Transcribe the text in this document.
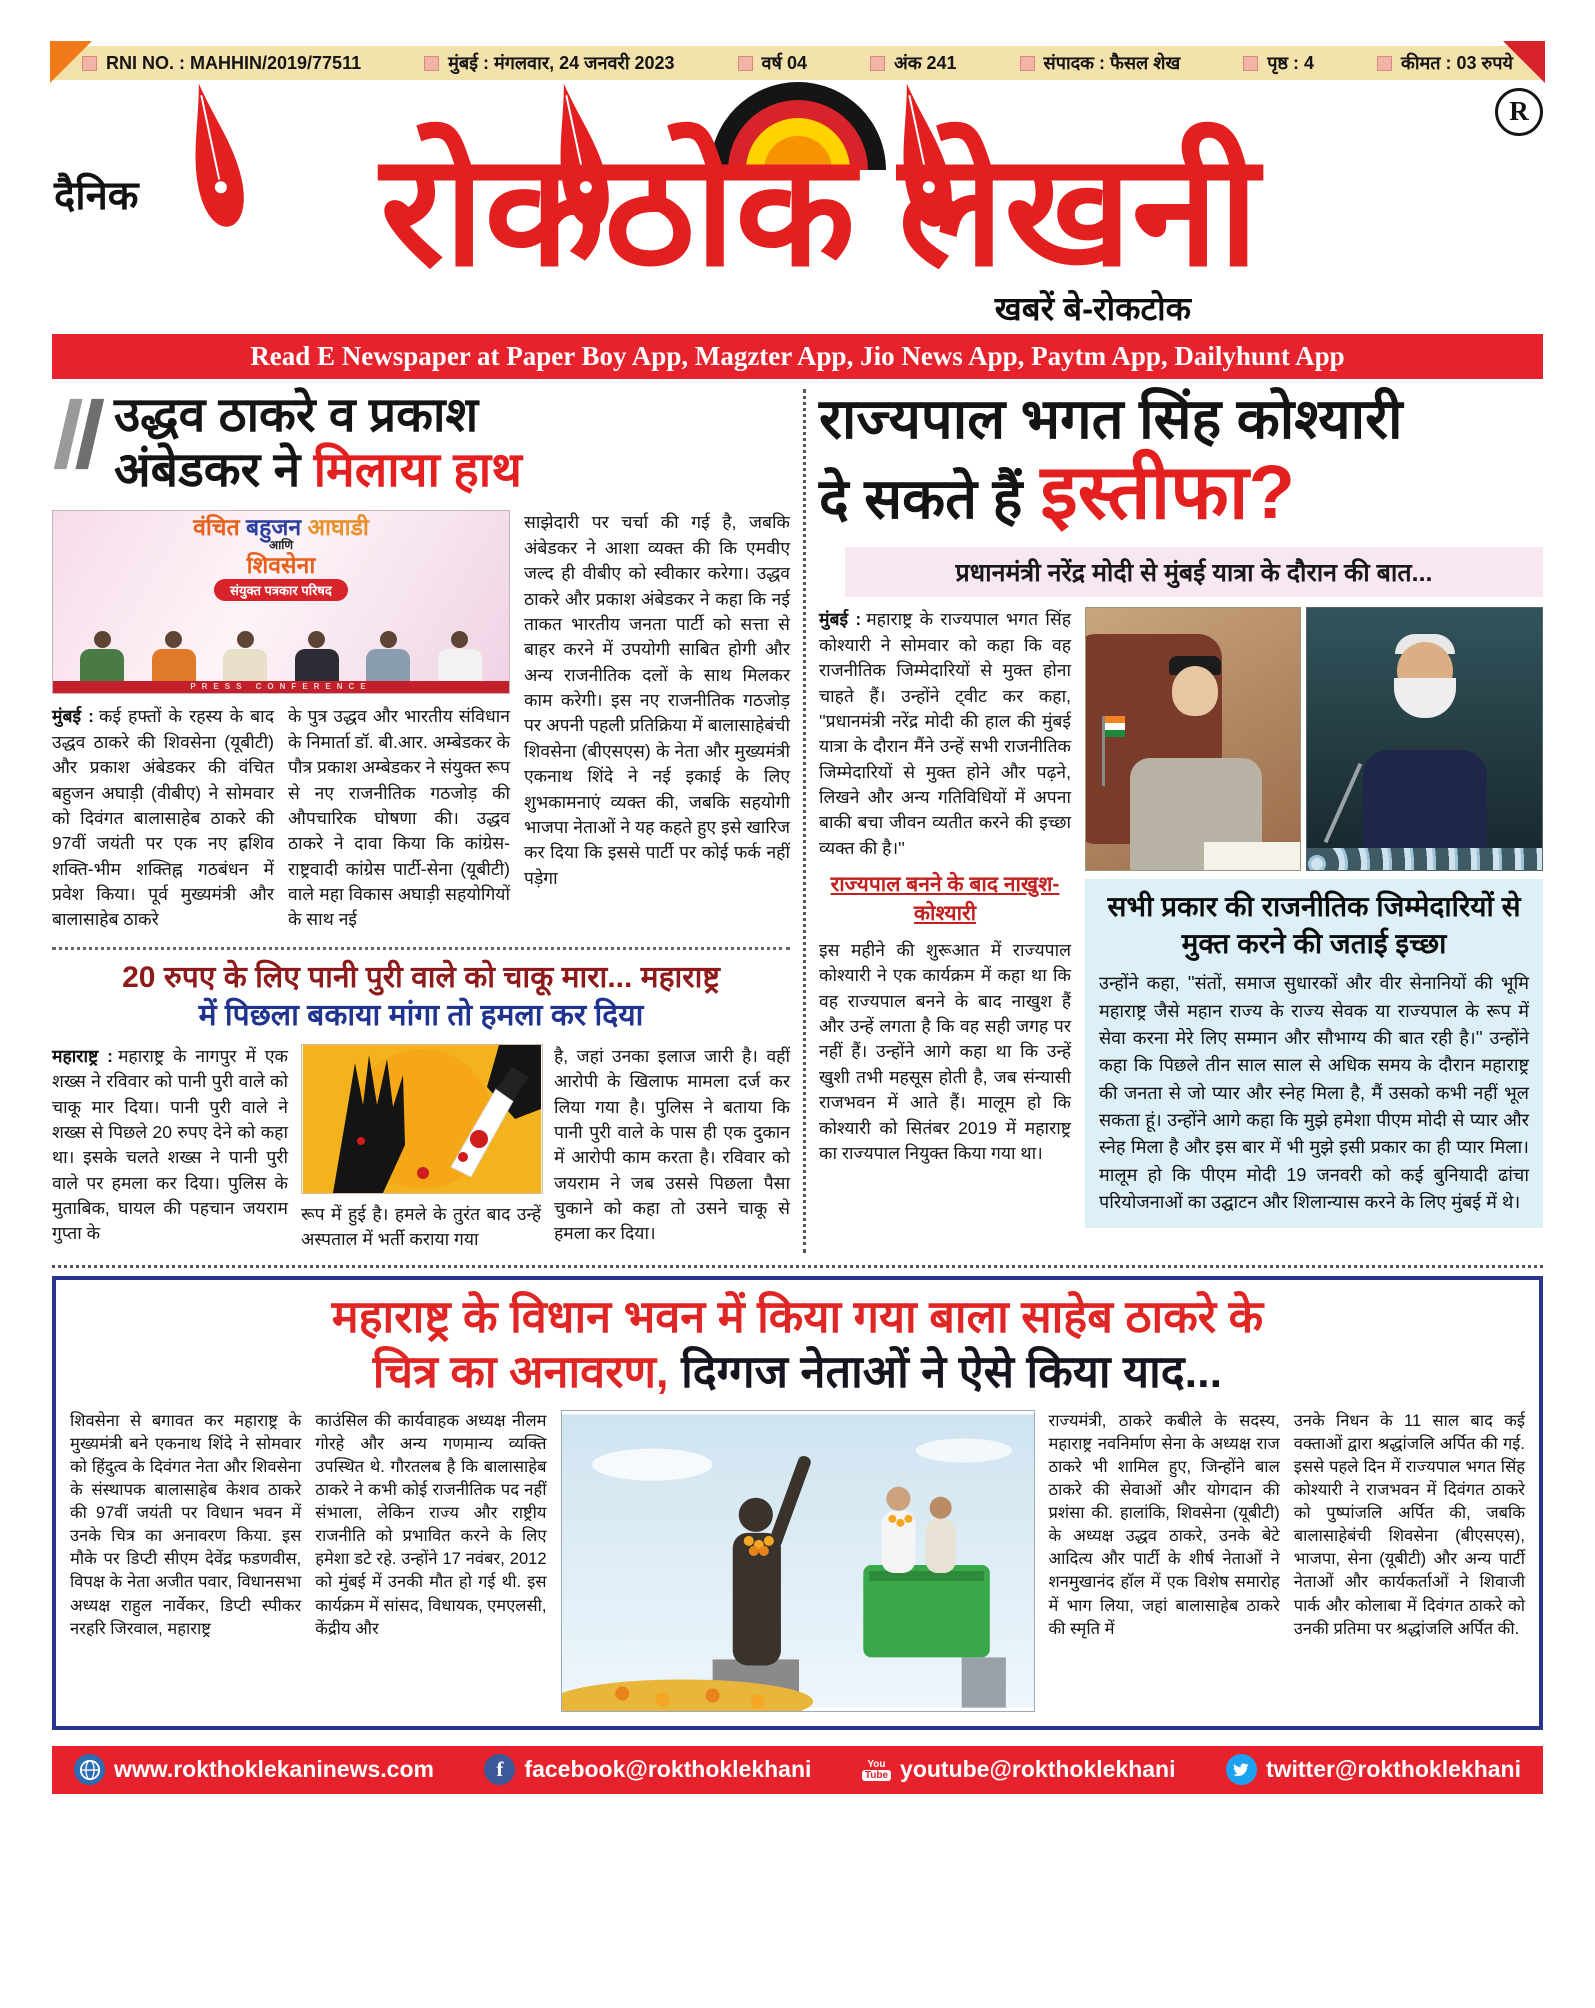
RNI NO. : MAHHIN/2019/77511	मुंबई : मंगलवार, 24 जनवरी 2023	वर्ष 04	अंक 241	संपादक : फैसल शेख	पृष्ठ : 4	कीमत : 03 रुपये
दैनिक	रोकठोक लेखनी
R
खबरें बे-रोकटोक
Read E Newspaper at Paper Boy App, Magzter App, Jio News App, Paytm App, Dailyhunt App
उद्धव ठाकरे व प्रकाश
अंबेडकर ने मिलाया हाथ
वंचित बहुजन आघाडी
आणि
शिवसेना
संयुक्त पत्रकार परिषद
PRESS CONFERENCE

मुंबई : कई हफ्तों के रहस्य के बाद उद्धव ठाकरे की शिवसेना (यूबीटी) और प्रकाश अंबेडकर की वंचित बहुजन अघाड़ी (वीबीए) ने सोमवार को दिवंगत बालासाहेब ठाकरे की 97वीं जयंती पर एक नए ह्रशिव शक्ति-भीम शक्तिह्न गठबंधन में प्रवेश किया। पूर्व मुख्यमंत्री और बालासाहेब ठाकरे

के पुत्र उद्धव और भारतीय संविधान के निमार्ता डॉ. बी.आर. अम्बेडकर के पौत्र प्रकाश अम्बेडकर ने संयुक्त रूप से नए राजनीतिक गठजोड़ की औपचारिक घोषणा की। उद्धव ठाकरे ने दावा किया कि कांग्रेस-राष्ट्रवादी कांग्रेस पार्टी-सेना (यूबीटी) वाले महा विकास अघाड़ी सहयोगियों के साथ नई

साझेदारी पर चर्चा की गई है, जबकि अंबेडकर ने आशा व्यक्त की कि एमवीए जल्द ही वीबीए को स्वीकार करेगा। उद्धव ठाकरे और प्रकाश अंबेडकर ने कहा कि नई ताकत भारतीय जनता पार्टी को सत्ता से बाहर करने में उपयोगी साबित होगी और अन्य राजनीतिक दलों के साथ मिलकर काम करेगी। इस नए राजनीतिक गठजोड़ पर अपनी पहली प्रतिक्रिया में बालासाहेबंची शिवसेना (बीएसएस) के नेता और मुख्यमंत्री एकनाथ शिंदे ने नई इकाई के लिए शुभकामनाएं व्यक्त की, जबकि सहयोगी भाजपा नेताओं ने यह कहते हुए इसे खारिज कर दिया कि इससे पार्टी पर कोई फर्क नहीं पड़ेगा

20 रुपए के लिए पानी पुरी वाले को चाकू मारा... महाराष्ट्र
में पिछला बकाया मांगा तो हमला कर दिया

महाराष्ट्र : महाराष्ट्र के नागपुर में एक शख्स ने रविवार को पानी पुरी वाले को चाकू मार दिया। पानी पुरी वाले ने शख्स से पिछले 20 रुपए देने को कहा था। इसके चलते शख्स ने पानी पुरी वाले पर हमला कर दिया। पुलिस के मुताबिक, घायल की पहचान जयराम गुप्ता के

रूप में हुई है। हमले के तुरंत बाद उन्हें अस्पताल में भर्ती कराया गया

है, जहां उनका इलाज जारी है। वहीं आरोपी के खिलाफ मामला दर्ज कर लिया गया है। पुलिस ने बताया कि पानी पुरी वाले के पास ही एक दुकान में आरोपी काम करता है। रविवार को जयराम ने जब उससे पिछला पैसा चुकाने को कहा तो उसने चाकू से हमला कर दिया।

राज्यपाल भगत सिंह कोश्यारी
दे सकते हैं इस्तीफा?
प्रधानमंत्री नरेंद्र मोदी से मुंबई यात्रा के दौरान की बात...

मुंबई : महाराष्ट्र के राज्यपाल भगत सिंह कोश्यारी ने सोमवार को कहा कि वह राजनीतिक जिम्मेदारियों से मुक्त होना चाहते हैं। उन्होंने ट्वीट कर कहा, ''प्रधानमंत्री नरेंद्र मोदी की हाल की मुंबई यात्रा के दौरान मैंने उन्हें सभी राजनीतिक जिम्मेदारियों से मुक्त होने और पढ़ने, लिखने और अन्य गतिविधियों में अपना बाकी बचा जीवन व्यतीत करने की इच्छा व्यक्त की है।''

राज्यपाल बनने के बाद नाखुश- कोश्यारी

इस महीने की शुरूआत में राज्यपाल कोश्यारी ने एक कार्यक्रम में कहा था कि वह राज्यपाल बनने के बाद नाखुश हैं और उन्हें लगता है कि वह सही जगह पर नहीं हैं। उन्होंने आगे कहा था कि उन्हें खुशी तभी महसूस होती है, जब संन्यासी राजभवन में आते हैं। मालूम हो कि कोश्यारी को सितंबर 2019 में महाराष्ट्र का राज्यपाल नियुक्त किया गया था।

सभी प्रकार की राजनीतिक जिम्मेदारियों से मुक्त करने की जताई इच्छा

उन्होंने कहा, ''संतों, समाज सुधारकों और वीर सेनानियों की भूमि महाराष्ट्र जैसे महान राज्य के राज्य सेवक या राज्यपाल के रूप में सेवा करना मेरे लिए सम्मान और सौभाग्य की बात रही है।'' उन्होंने कहा कि पिछले तीन साल साल से अधिक समय के दौरान महाराष्ट्र की जनता से जो प्यार और स्नेह मिला है, मैं उसको कभी नहीं भूल सकता हूं। उन्होंने आगे कहा कि मुझे हमेशा पीएम मोदी से प्यार और स्नेह मिला है और इस बार में भी मुझे इसी प्रकार का ही प्यार मिला। मालूम हो कि पीएम मोदी 19 जनवरी को कई बुनियादी ढांचा परियोजनाओं का उद्घाटन और शिलान्यास करने के लिए मुंबई में थे।

महाराष्ट्र के विधान भवन में किया गया बाला साहेब ठाकरे के
चित्र का अनावरण, दिग्गज नेताओं ने ऐसे किया याद...

शिवसेना से बगावत कर महाराष्ट्र के मुख्यमंत्री बने एकनाथ शिंदे ने सोमवार को हिंदुत्व के दिवंगत नेता और शिवसेना के संस्थापक बालासाहेब केशव ठाकरे की 97वीं जयंती पर विधान भवन में उनके चित्र का अनावरण किया. इस मौके पर डिप्टी सीएम देवेंद्र फडणवीस, विपक्ष के नेता अजीत पवार, विधानसभा अध्यक्ष राहुल नार्वेकर, डिप्टी स्पीकर नरहरि जिरवाल, महाराष्ट्र

काउंसिल की कार्यवाहक अध्यक्ष नीलम गोरहे और अन्य गणमान्य व्यक्ति उपस्थित थे. गौरतलब है कि बालासाहेब ठाकरे ने कभी कोई राजनीतिक पद नहीं संभाला, लेकिन राज्य और राष्ट्रीय राजनीति को प्रभावित करने के लिए हमेशा डटे रहे. उन्होंने 17 नवंबर, 2012 को मुंबई में उनकी मौत हो गई थी. इस कार्यक्रम में सांसद, विधायक, एमएलसी, केंद्रीय और

राज्यमंत्री, ठाकरे कबीले के सदस्य, महाराष्ट्र नवनिर्माण सेना के अध्यक्ष राज ठाकरे भी शामिल हुए, जिन्होंने बाल ठाकरे की सेवाओं और योगदान की प्रशंसा की. हालांकि, शिवसेना (यूबीटी) के अध्यक्ष उद्धव ठाकरे, उनके बेटे आदित्य और पार्टी के शीर्ष नेताओं ने शनमुखानंद हॉल में एक विशेष समारोह में भाग लिया, जहां बालासाहेब ठाकरे की स्मृति में

उनके निधन के 11 साल बाद कई वक्ताओं द्वारा श्रद्धांजलि अर्पित की गई. इससे पहले दिन में राज्यपाल भगत सिंह कोश्यारी ने राजभवन में दिवंगत ठाकरे को पुष्पांजलि अर्पित की, जबकि बालासाहेबंची शिवसेना (बीएसएस), भाजपा, सेना (यूबीटी) और अन्य पार्टी नेताओं और कार्यकर्ताओं ने शिवाजी पार्क और कोलाबा में दिवंगत ठाकरे को उनकी प्रतिमा पर श्रद्धांजलि अर्पित की.

www.rokthoklekaninews.com	f facebook@rokthoklekhani	You
Tube youtube@rokthoklekhani	twitter@rokthoklekhani
